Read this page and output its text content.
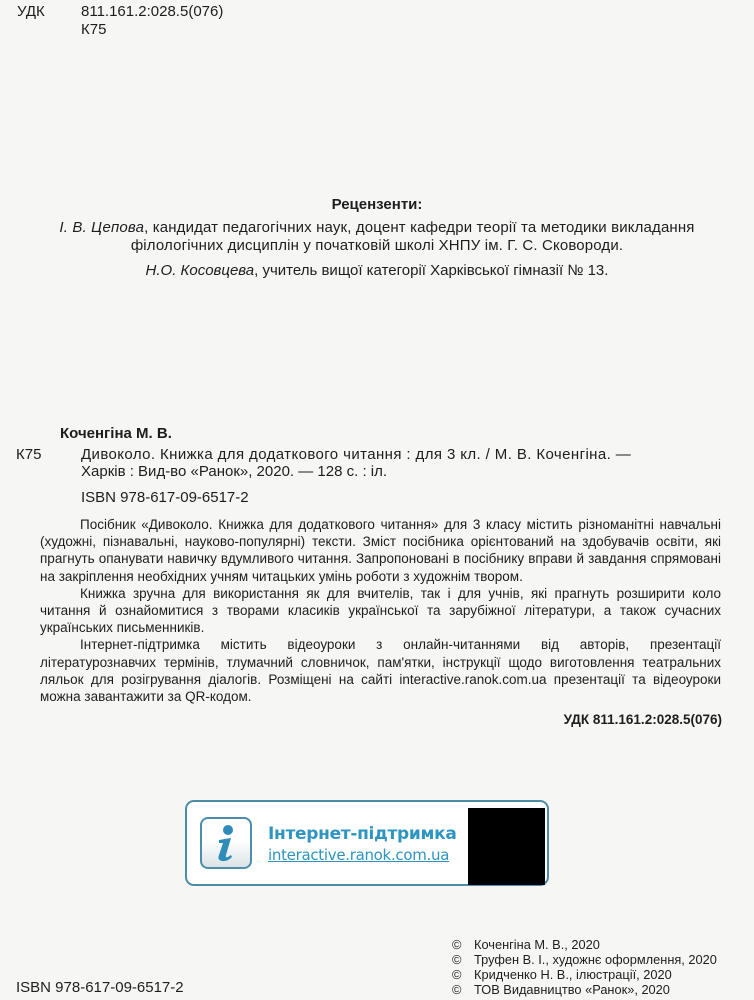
УДК 811.161.2:028.5(076)
К75
Рецензенти:
І. В. Цепова, кандидат педагогічних наук, доцент кафедри теорії та методики викладання філологічних дисциплін у початковій школі ХНПУ ім. Г. С. Сковороди.
Н.О. Косовцева, учитель вищої категорії Харківської гімназії № 13.
Коченгіна М. В.
К75	Дивоколо. Книжка для додаткового читання : для 3 кл. / М. В. Коченгіна. —
Харків : Вид-во «Ранок», 2020. — 128 с. : іл.
ISBN 978-617-09-6517-2

Посібник «Дивоколо. Книжка для додаткового читання» для 3 класу містить різноманітні навчальні (художні, пізнавальні, науково-популярні) тексти. Зміст посібника орієнтований на здобувачів освіти, які прагнуть опанувати навичку вдумливого читання. Запропоновані в посібнику вправи й завдання спрямовані на закріплення необхідних учням читацьких умінь роботи з художнім твором.

Книжка зручна для використання як для вчителів, так і для учнів, які прагнуть розширити коло читання й ознайомитися з творами класиків української та зарубіжної літератури, а також сучасних українських письменників.

Інтернет-підтримка містить відеоуроки з онлайн-читаннями від авторів, презентації літературознавчих термінів, тлумачний словничок, пам'ятки, інструкції щодо виготовлення театральних ляльок для розігрування діалогів. Розміщені на сайті interactive.ranok.com.ua презентації та відеоуроки можна завантажити за QR-кодом.

УДК 811.161.2:028.5(076)
Інтернет-підтримка
interactive.ranok.com.ua
© Коченгіна М. В., 2020
© Труфен В. І., художнє оформлення, 2020
© Кридченко Н. В., ілюстрації, 2020
© ТОВ Видавництво «Ранок», 2020
ISBN 978-617-09-6517-2
